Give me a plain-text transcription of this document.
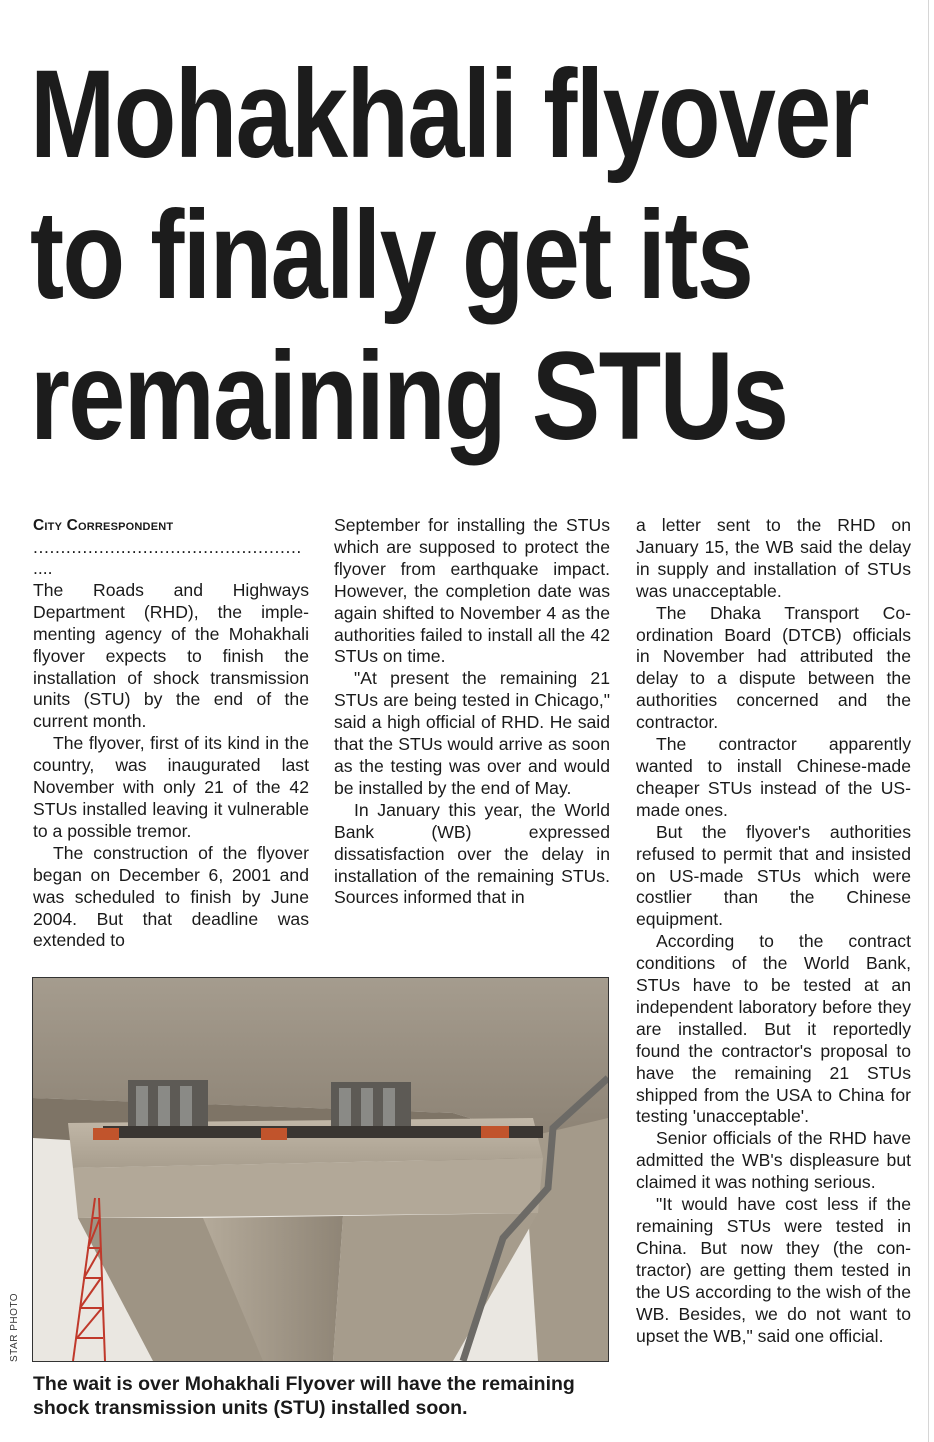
Mohakhali flyover
to finally get its
remaining STUs

City Correspondent

.................................................

....

The Roads and Highways Department (RHD), the implementing agency of the Mohakhali flyover expects to finish the installation of shock transmission units (STU) by the end of the current month.

The flyover, first of its kind in the country, was inaugurated last November with only 21 of the 42 STUs installed leaving it vulnerable to a possible tremor.

The construction of the flyover began on December 6, 2001 and was scheduled to finish by June 2004. But that deadline was extended to

September for installing the STUs which are supposed to protect the flyover from earthquake impact. However, the completion date was again shifted to November 4 as the authorities failed to install all the 42 STUs on time.

"At present the remaining 21 STUs are being tested in Chicago," said a high official of RHD. He said that the STUs would arrive as soon as the testing was over and would be installed by the end of May.

In January this year, the World Bank (WB) expressed dissatisfaction over the delay in installation of the remaining STUs. Sources informed that in

a letter sent to the RHD on January 15, the WB said the delay in supply and installation of STUs was unacceptable.

The Dhaka Transport Co-ordination Board (DTCB) officials in November had attributed the delay to a dispute between the authorities concerned and the contractor.

The contractor apparently wanted to install Chinese-made cheaper STUs instead of the US-made ones.

But the flyover's authorities refused to permit that and insisted on US-made STUs which were costlier than the Chinese equipment.

According to the contract conditions of the World Bank, STUs have to be tested at an independent laboratory before they are installed. But it reportedly found the contractor's proposal to have the remaining 21 STUs shipped from the USA to China for testing 'unacceptable'.

Senior officials of the RHD have admitted the WB's displeasure but claimed it was nothing serious.

"It would have cost less if the remaining STUs were tested in China. But now they (the contractor) are getting them tested in the US according to the wish of the WB. Besides, we do not want to upset the WB," said one official.

STAR PHOTO

The wait is over Mohakhali Flyover will have the remaining shock transmission units (STU) installed soon.
